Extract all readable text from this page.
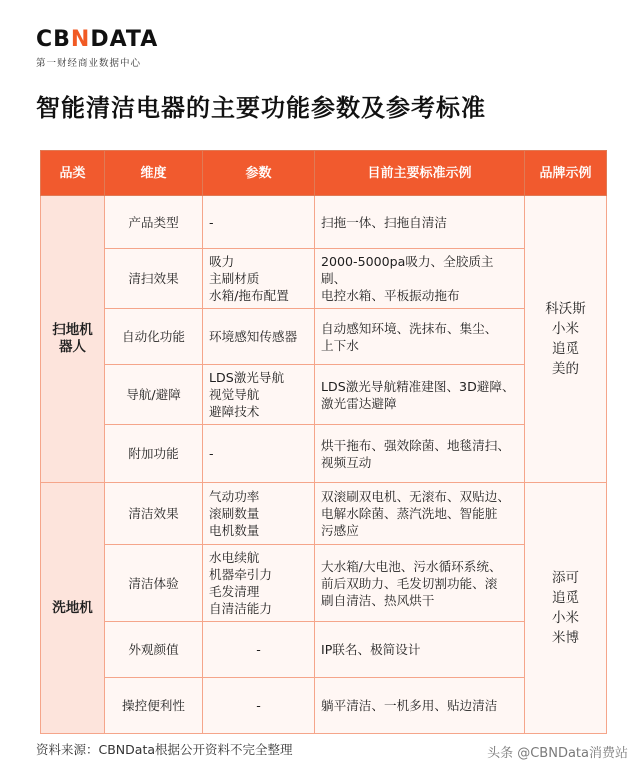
CBNDATA
第一财经商业数据中心
智能清洁电器的主要功能参数及参考标准
品类	维度	参数	目前主要标准示例	品牌示例

扫地机
器人	产品类型	-	扫拖一体、扫拖自清洁	科沃斯
小米
追觅
美的

	清扫效果	吸力
主刷材质
水箱/拖布配置	2000-5000pa吸力、全胶质主刷、
电控水箱、平板振动拖布	

	自动化功能	环境感知传感器	自动感知环境、洗抹布、集尘、
上下水	

	导航/避障	LDS激光导航
视觉导航
避障技术	LDS激光导航精准建图、3D避障、
激光雷达避障	

	附加功能	-	烘干拖布、强效除菌、地毯清扫、
视频互动	

洗地机	清洁效果	气动功率
滚刷数量
电机数量	双滚刷双电机、无滚布、双贴边、
电解水除菌、蒸汽洗地、智能脏
污感应	添可
追觅
小米
米博

	清洁体验	水电续航
机器牵引力
毛发清理
自清洁能力	大水箱/大电池、污水循环系统、
前后双助力、毛发切割功能、滚
刷自清洁、热风烘干	

	外观颜值	-	IP联名、极简设计	

	操控便利性	-	躺平清洁、一机多用、贴边清洁	
资料来源：CBNData根据公开资料不完全整理	头条 @CBNData消费站
